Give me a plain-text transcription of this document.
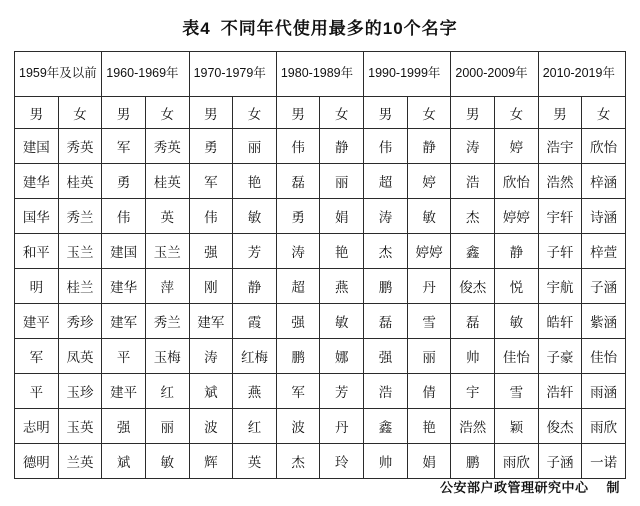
表4 不同年代使用最多的10个名字
1959年及以前		1960-1969年		1970-1979年		1980-1989年		1990-1999年		2000-2009年		2010-2019年	
男	女	男	女	男	女	男	女	男	女	男	女	男	女
建国	秀英	军	秀英	勇	丽	伟	静	伟	静	涛	婷	浩宇	欣怡
建华	桂英	勇	桂英	军	艳	磊	丽	超	婷	浩	欣怡	浩然	梓涵
国华	秀兰	伟	英	伟	敏	勇	娟	涛	敏	杰	婷婷	宇轩	诗涵
和平	玉兰	建国	玉兰	强	芳	涛	艳	杰	婷婷	鑫	静	子轩	梓萱
明	桂兰	建华	萍	刚	静	超	燕	鹏	丹	俊杰	悦	宇航	子涵
建平	秀珍	建军	秀兰	建军	霞	强	敏	磊	雪	磊	敏	皓轩	紫涵
军	凤英	平	玉梅	涛	红梅	鹏	娜	强	丽	帅	佳怡	子豪	佳怡
平	玉珍	建平	红	斌	燕	军	芳	浩	倩	宇	雪	浩轩	雨涵
志明	玉英	强	丽	波	红	波	丹	鑫	艳	浩然	颖	俊杰	雨欣
德明	兰英	斌	敏	辉	英	杰	玲	帅	娟	鹏	雨欣	子涵	一诺
公安部户政管理研究中心 制
